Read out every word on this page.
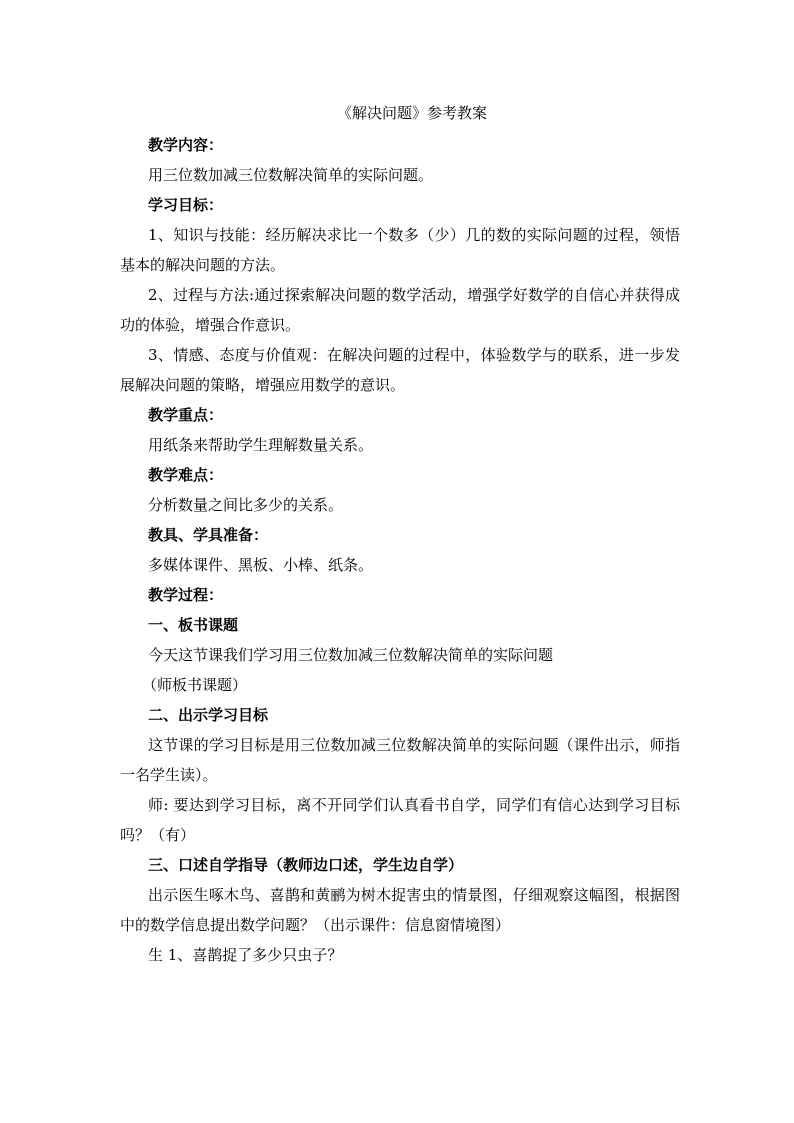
《解决问题》参考教案

教学内容：

用三位数加减三位数解决简单的实际问题。

学习目标：

1、知识与技能：经历解决求比一个数多（少）几的数的实际问题的过程，领悟基本的解决问题的方法。

2、过程与方法:通过探索解决问题的数学活动，增强学好数学的自信心并获得成功的体验，增强合作意识。

3、情感、态度与价值观：在解决问题的过程中，体验数学与的联系，进一步发展解决问题的策略，增强应用数学的意识。

教学重点：

用纸条来帮助学生理解数量关系。

教学难点：

分析数量之间比多少的关系。

教具、学具准备：

多媒体课件、黑板、小棒、纸条。

教学过程：

一、板书课题

今天这节课我们学习用三位数加减三位数解决简单的实际问题

（师板书课题）

二、出示学习目标

这节课的学习目标是用三位数加减三位数解决简单的实际问题（课件出示，师指一名学生读）。

师: 要达到学习目标，离不开同学们认真看书自学，同学们有信心达到学习目标吗？（有）

三、口述自学指导（教师边口述，学生边自学）

出示医生啄木鸟、喜鹊和黄鹂为树木捉害虫的情景图，仔细观察这幅图，根据图中的数学信息提出数学问题？（出示课件：信息窗情境图）

生 1、喜鹊捉了多少只虫子？
